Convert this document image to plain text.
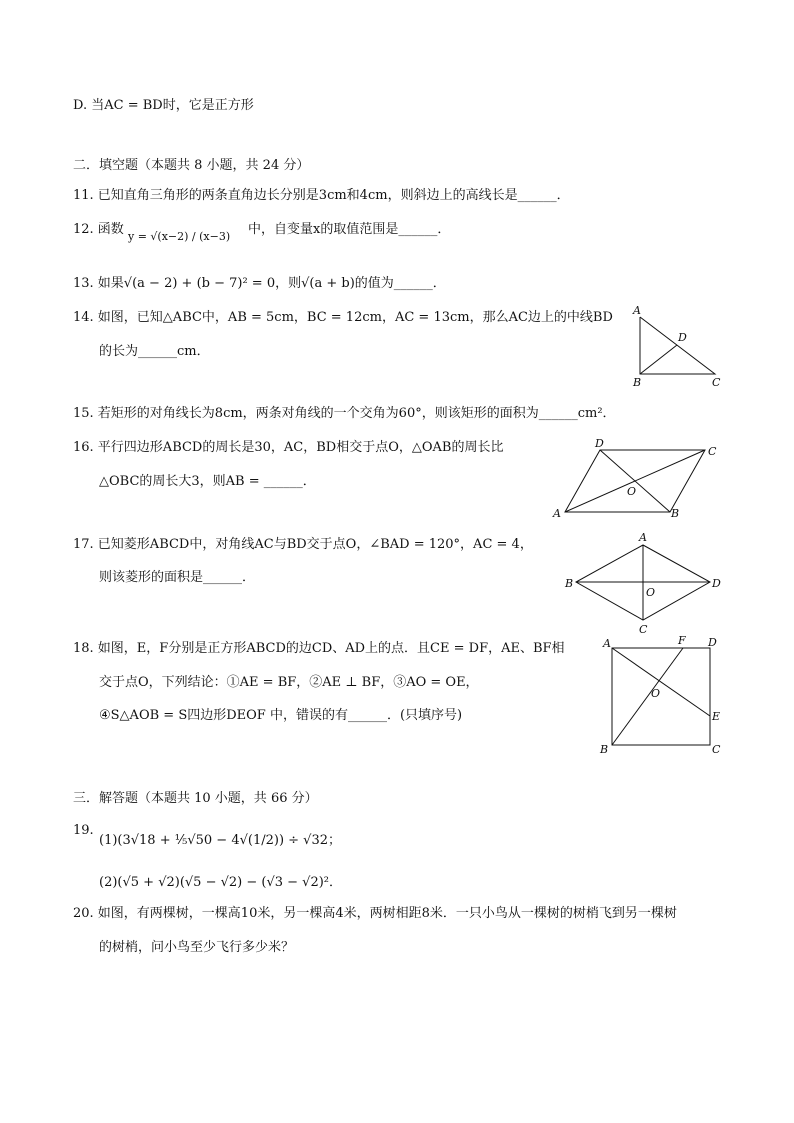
D. 当AC = BD时，它是正方形
二．填空题（本题共 8 小题，共 24 分）
11. 已知直角三角形的两条直角边长分别是3cm和4cm，则斜边上的高线长是______．
12. 函数 y = √(x−2) / (x−3) 中，自变量x的取值范围是______．
13. 如果√(a − 2) + (b − 7)² = 0，则√(a + b)的值为______．
14. 如图，已知△ABC中，AB = 5cm，BC = 12cm，AC = 13cm，那么AC边上的中线BD
的长为______cm．
15. 若矩形的对角线长为8cm，两条对角线的一个交角为60°，则该矩形的面积为______cm²．
16. 平行四边形ABCD的周长是30，AC，BD相交于点O，△OAB的周长比
△OBC的周长大3，则AB = ______．
17. 已知菱形ABCD中，对角线AC与BD交于点O，∠BAD = 120°，AC = 4，
则该菱形的面积是______．
18. 如图，E，F分别是正方形ABCD的边CD、AD上的点．且CE = DF，AE、BF相
交于点O，下列结论：①AE = BF，②AE ⊥ BF，③AO = OE，
④S△AOB = S四边形DEOF 中，错误的有______．(只填序号)
三．解答题（本题共 10 小题，共 66 分）
19.
(1)(3√18 + ⅕√50 − 4√(1/2)) ÷ √32；
(2)(√5 + √2)(√5 − √2) − (√3 − √2)²．
20. 如图，有两棵树，一棵高10米，另一棵高4米，两树相距8米．一只小鸟从一棵树的树梢飞到另一棵树
的树梢，问小鸟至少飞行多少米？
A
B	C
D
D
C
A	B
O
A
B	D
C
O
A	F D
E
B	C
O
